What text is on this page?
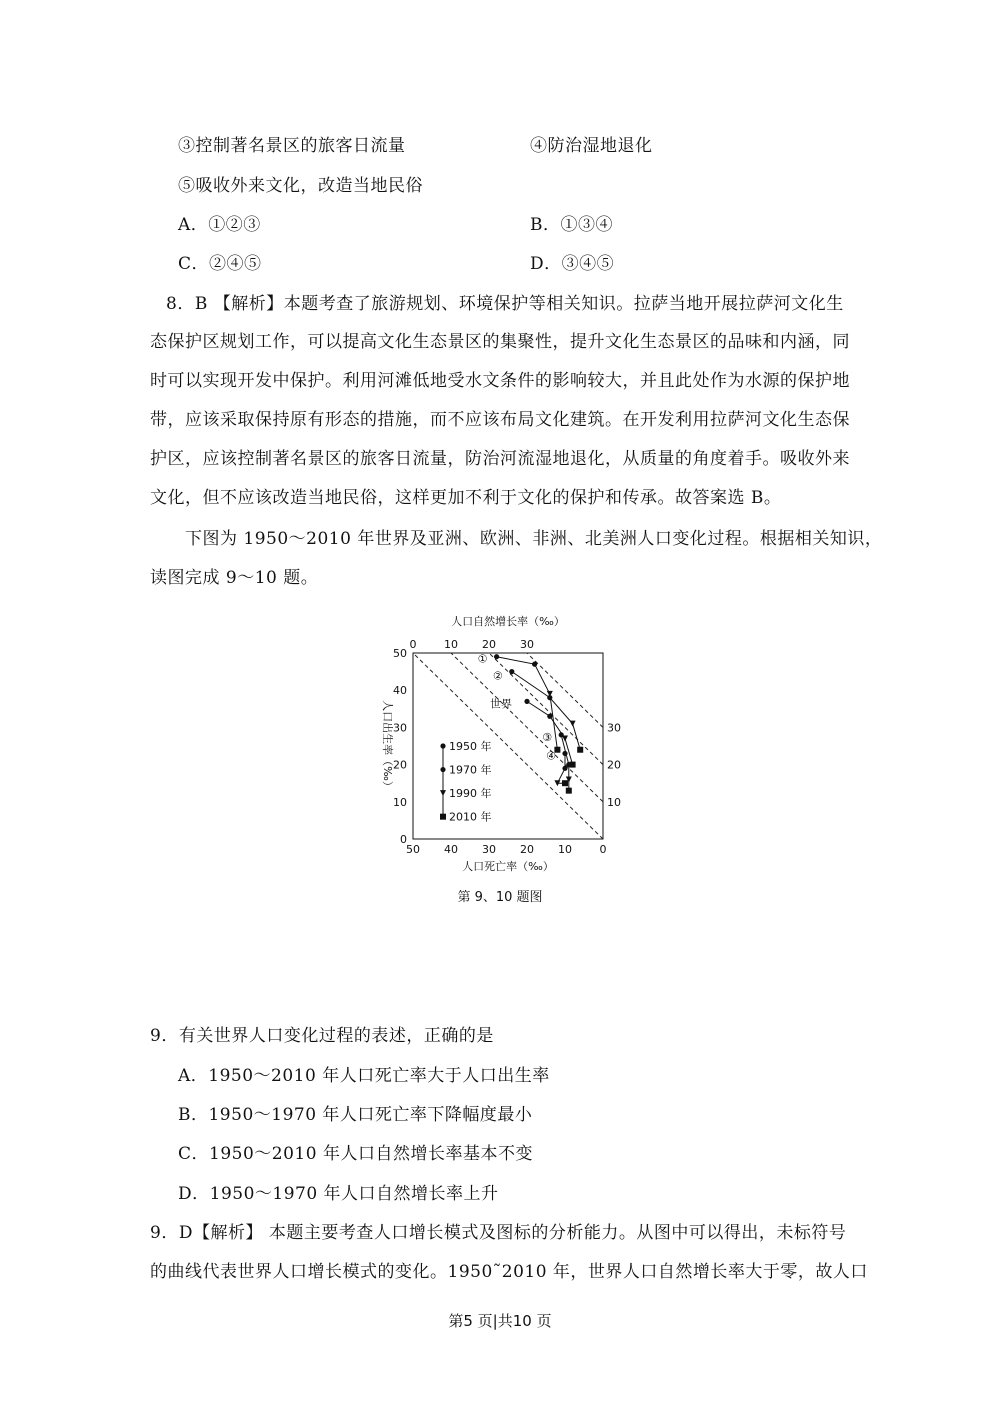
③控制著名景区的旅客日流量	④防治湿地退化
⑤吸收外来文化，改造当地民俗
A．①②③	B．①③④
C．②④⑤	D．③④⑤
8．B 【解析】本题考查了旅游规划、环境保护等相关知识。拉萨当地开展拉萨河文化生
态保护区规划工作，可以提高文化生态景区的集聚性，提升文化生态景区的品味和内涵，同
时可以实现开发中保护。利用河滩低地受水文条件的影响较大，并且此处作为水源的保护地
带，应该采取保持原有形态的措施，而不应该布局文化建筑。在开发利用拉萨河文化生态保
护区，应该控制著名景区的旅客日流量，防治河流湿地退化，从质量的角度着手。吸收外来
文化，但不应该改造当地民俗，这样更加不利于文化的保护和传承。故答案选 B。
下图为 1950～2010 年世界及亚洲、欧洲、非洲、北美洲人口变化过程。根据相关知识，
读图完成 9～10 题。
人口自然增长率（‰）
人口死亡率（‰）
人口出生率（‰）
50 40 30 20 10	0
0	10 20 30
0
10
20
30
40
50
10
20
30
世界
①
②
③
④
1950 年
1970 年
1990 年
2010 年
第 9、10 题图
9．有关世界人口变化过程的表述，正确的是
A．1950～2010 年人口死亡率大于人口出生率
B．1950～1970 年人口死亡率下降幅度最小
C．1950～2010 年人口自然增长率基本不变
D．1950～1970 年人口自然增长率上升
9．D【解析】 本题主要考查人口增长模式及图标的分析能力。从图中可以得出，未标符号
的曲线代表世界人口增长模式的变化。1950˜2010 年，世界人口自然增长率大于零，故人口
第5 页|共10 页
